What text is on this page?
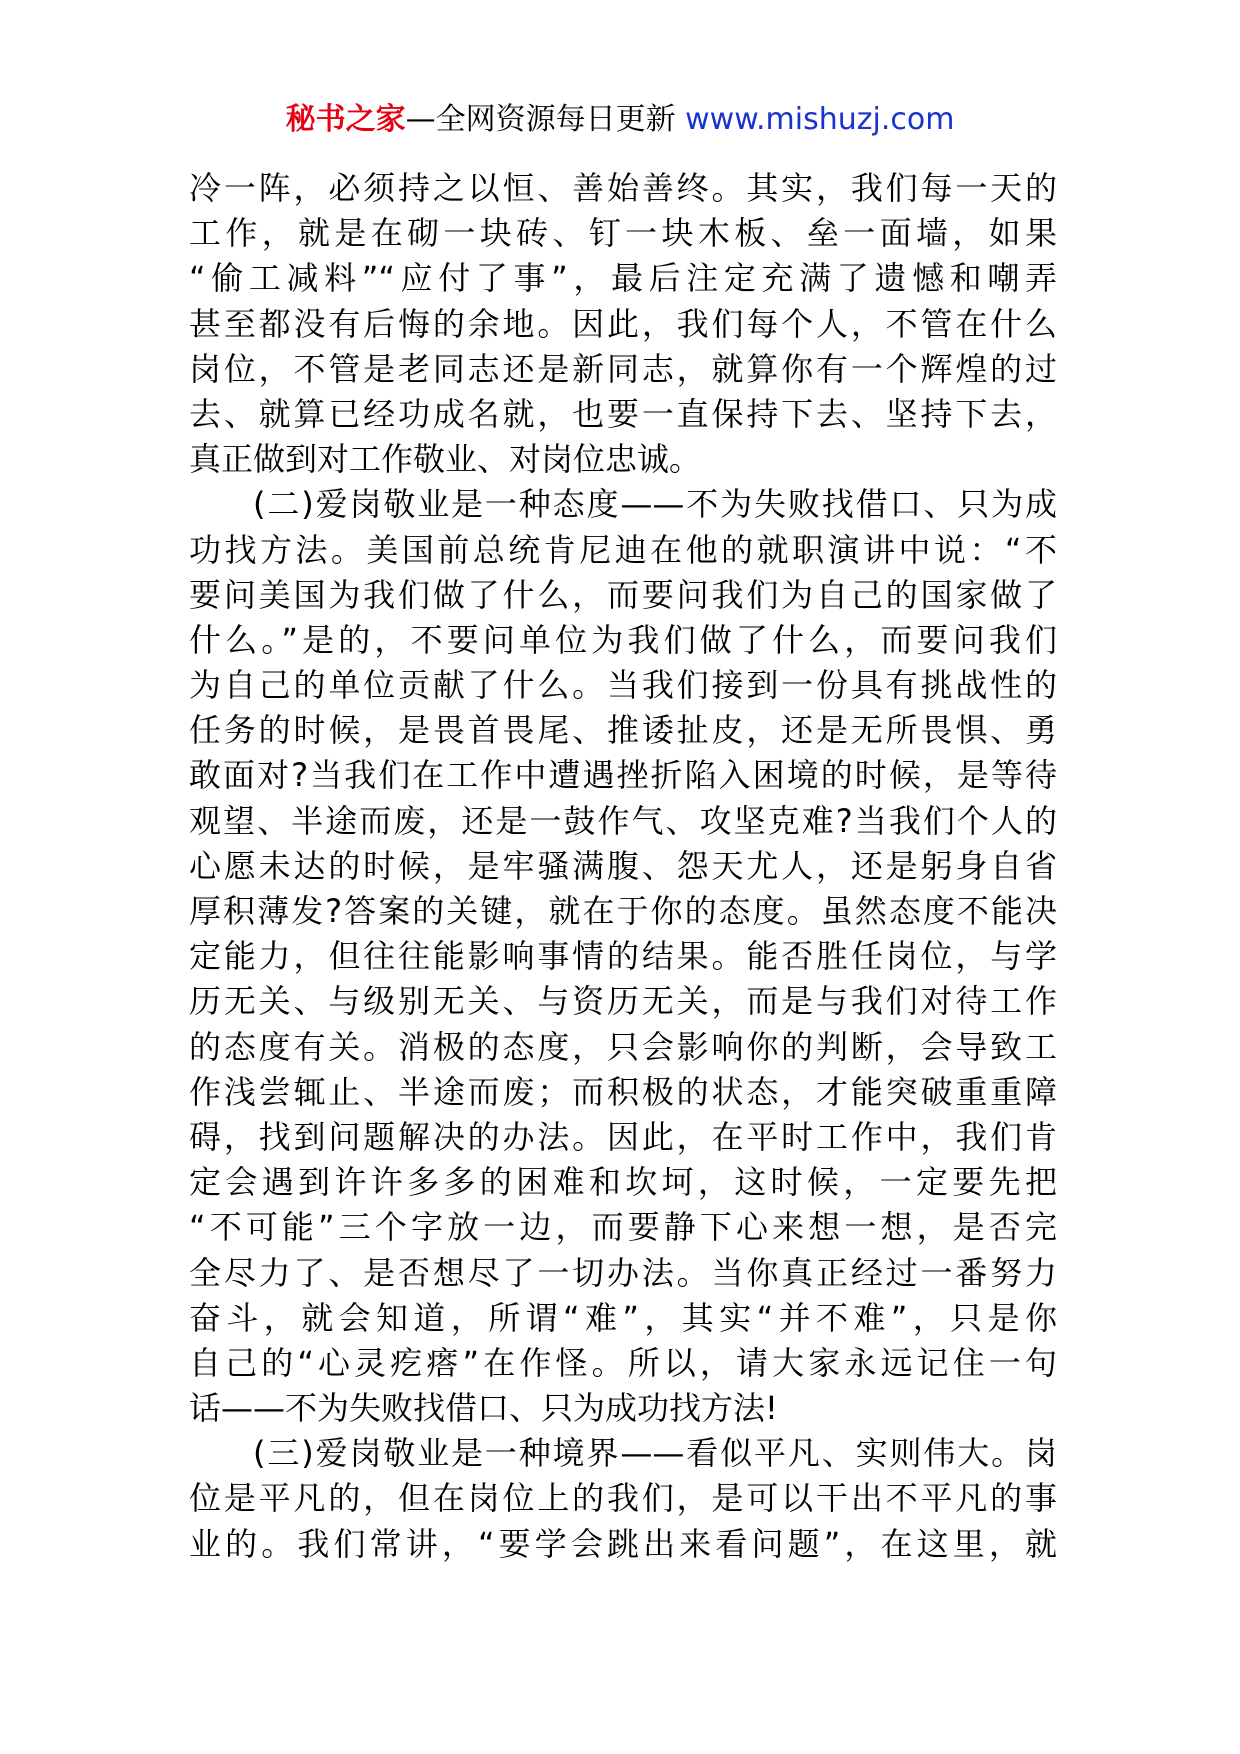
秘书之家—全网资源每日更新 www.mishuzj.com
冷一阵，必须持之以恒、善始善终。其实，我们每一天的
工作，就是在砌一块砖、钉一块木板、垒一面墙，如果
“偷工减料”“应付了事”，最后注定充满了遗憾和嘲弄
甚至都没有后悔的余地。因此，我们每个人，不管在什么
岗位，不管是老同志还是新同志，就算你有一个辉煌的过
去、就算已经功成名就，也要一直保持下去、坚持下去，
真正做到对工作敬业、对岗位忠诚。
(二)爱岗敬业是一种态度——不为失败找借口、只为成
功找方法。美国前总统肯尼迪在他的就职演讲中说：“不
要问美国为我们做了什么，而要问我们为自己的国家做了
什么。”是的，不要问单位为我们做了什么，而要问我们
为自己的单位贡献了什么。当我们接到一份具有挑战性的
任务的时候，是畏首畏尾、推诿扯皮，还是无所畏惧、勇
敢面对?当我们在工作中遭遇挫折陷入困境的时候，是等待
观望、半途而废，还是一鼓作气、攻坚克难?当我们个人的
心愿未达的时候，是牢骚满腹、怨天尤人，还是躬身自省
厚积薄发?答案的关键，就在于你的态度。虽然态度不能决
定能力，但往往能影响事情的结果。能否胜任岗位，与学
历无关、与级别无关、与资历无关，而是与我们对待工作
的态度有关。消极的态度，只会影响你的判断，会导致工
作浅尝辄止、半途而废；而积极的状态，才能突破重重障
碍，找到问题解决的办法。因此，在平时工作中，我们肯
定会遇到许许多多的困难和坎坷，这时候，一定要先把
“不可能”三个字放一边，而要静下心来想一想，是否完
全尽力了、是否想尽了一切办法。当你真正经过一番努力
奋斗，就会知道，所谓“难”，其实“并不难”，只是你
自己的“心灵疙瘩”在作怪。所以，请大家永远记住一句
话——不为失败找借口、只为成功找方法!
(三)爱岗敬业是一种境界——看似平凡、实则伟大。岗
位是平凡的，但在岗位上的我们，是可以干出不平凡的事
业的。我们常讲，“要学会跳出来看问题”，在这里，就
